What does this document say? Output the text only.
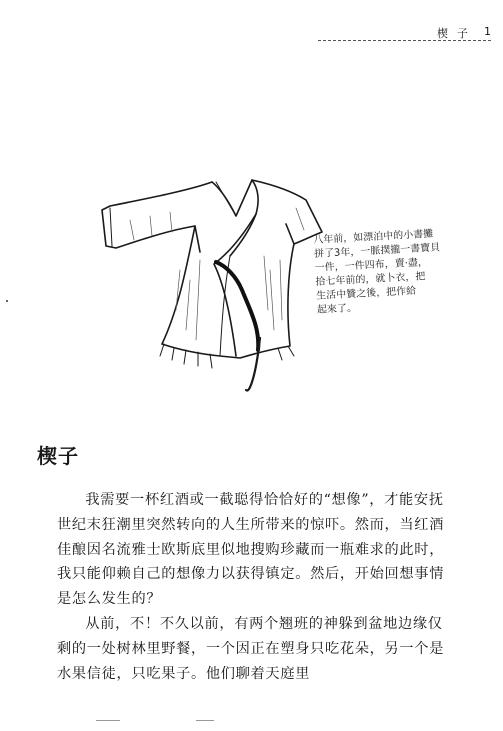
楔子 1
八年前，如漂泊中的小書攤
拼了3年，一脈撲攏一書寶貝
一件，一件四布，賣·盡，
拾七年前的，就卜衣，把
生活中贊之後，把作給
起來了。
楔子

我需要一杯红酒或一截聪得恰恰好的“想像”，才能安抚世纪末狂潮里突然转向的人生所带来的惊吓。然而，当红酒佳酿因名流雅士欧斯底里似地搜购珍藏而一瓶难求的此时，我只能仰赖自己的想像力以获得镇定。然后，开始回想事情是怎么发生的？

从前，不！不久以前，有两个翘班的神躲到盆地边缘仅剩的一处树林里野餐，一个因正在塑身只吃花朵，另一个是水果信徒，只吃果子。他们聊着天庭里
